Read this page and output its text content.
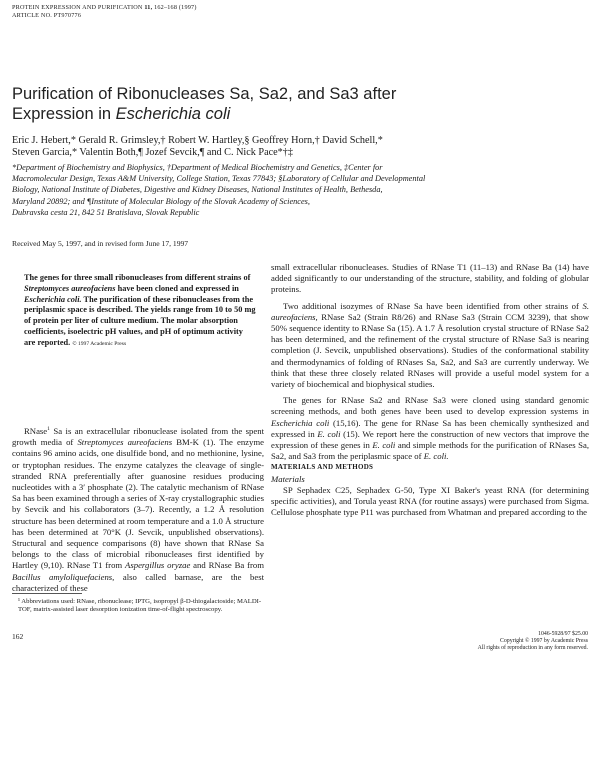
PROTEIN EXPRESSION AND PURIFICATION 11, 162–168 (1997)
ARTICLE NO. PT970776
Purification of Ribonucleases Sa, Sa2, and Sa3 after
Expression in Escherichia coli
Eric J. Hebert,* Gerald R. Grimsley,† Robert W. Hartley,§ Geoffrey Horn,† David Schell,*
Steven Garcia,* Valentin Both,¶ Jozef Sevcik,¶ and C. Nick Pace*†‡
*Department of Biochemistry and Biophysics, †Department of Medical Biochemistry and Genetics, ‡Center for
Macromolecular Design, Texas A&M University, College Station, Texas 77843; §Laboratory of Cellular and Developmental
Biology, National Institute of Diabetes, Digestive and Kidney Diseases, National Institutes of Health, Bethesda,
Maryland 20892; and ¶Institute of Molecular Biology of the Slovak Academy of Sciences,
Dubravska cesta 21, 842 51 Bratislava, Slovak Republic
Received May 5, 1997, and in revised form June 17, 1997
The genes for three small ribonucleases from different strains of Streptomyces aureofaciens have been cloned and expressed in Escherichia coli. The purification of these ribonucleases from the periplasmic space is described. The yields range from 10 to 50 mg of protein per liter of culture medium. The molar absorption coefficients, isoelectric pH values, and pH of optimum activity are reported. © 1997 Academic Press

RNase$^1$ Sa is an extracellular ribonuclease isolated from the spent growth media of Streptomyces aureofaciens BM-K (1). The enzyme contains 96 amino acids, one disulfide bond, and no methionine, lysine, or tryptophan residues. The enzyme catalyzes the cleavage of single-stranded RNA preferentially after guanosine residues producing nucleotides with a 3′ phosphate (2). The catalytic mechanism of RNase Sa has been examined through a series of X-ray crystallographic studies by Sevcik and his collaborators (3–7). Recently, a 1.2 Å resolution structure has been determined at room temperature and a 1.0 Å structure has been determined at 70°K (J. Sevcik, unpublished observations). Structural and sequence comparisons (8) have shown that RNase Sa belongs to the class of microbial ribonucleases first identified by Hartley (9,10). RNase T1 from Aspergillus oryzae and RNase Ba from Bacillus amyloliquefaciens, also called barnase, are the best characterized of these

¹ Abbreviations used: RNase, ribonuclease; IPTG, isopropyl β-D-thiogalactoside; MALDI-TOF, matrix-assisted laser desorption ionization time-of-flight spectroscopy.
162	1046-5928/97 $25.00
Copyright © 1997 by Academic Press
All rights of reproduction in any form reserved.

small extracellular ribonucleases. Studies of RNase T1 (11–13) and RNase Ba (14) have added significantly to our understanding of the structure, stability, and folding of globular proteins.

Two additional isozymes of RNase Sa have been identified from other strains of S. aureofaciens, RNase Sa2 (Strain R8/26) and RNase Sa3 (Strain CCM 3239), that show 50% sequence identity to RNase Sa (15). A 1.7 Å resolution crystal structure of RNase Sa2 has been determined, and the refinement of the crystal structure of RNase Sa3 is nearing completion (J. Sevcik, unpublished observations). Studies of the conformational stability and thermodynamics of folding of RNases Sa, Sa2, and Sa3 are currently underway. We think that these three closely related RNases will provide a useful model system for a variety of biochemical and biophysical studies.

The genes for RNase Sa2 and RNase Sa3 were cloned using standard genomic screening methods, and both genes have been used to develop expression systems in Escherichia coli (15,16). The gene for RNase Sa has been chemically synthesized and expressed in E. coli (15). We report here the construction of new vectors that improve the expression of these genes in E. coli and simple methods for the purification of RNases Sa, Sa2, and Sa3 from the periplasmic space of E. coli.

MATERIALS AND METHODS

Materials

SP Sephadex C25, Sephadex G-50, Type XI Baker's yeast RNA (for determining specific activities), and Torula yeast RNA (for routine assays) were purchased from Sigma. Cellulose phosphate type P11 was purchased from Whatman and prepared according to the
